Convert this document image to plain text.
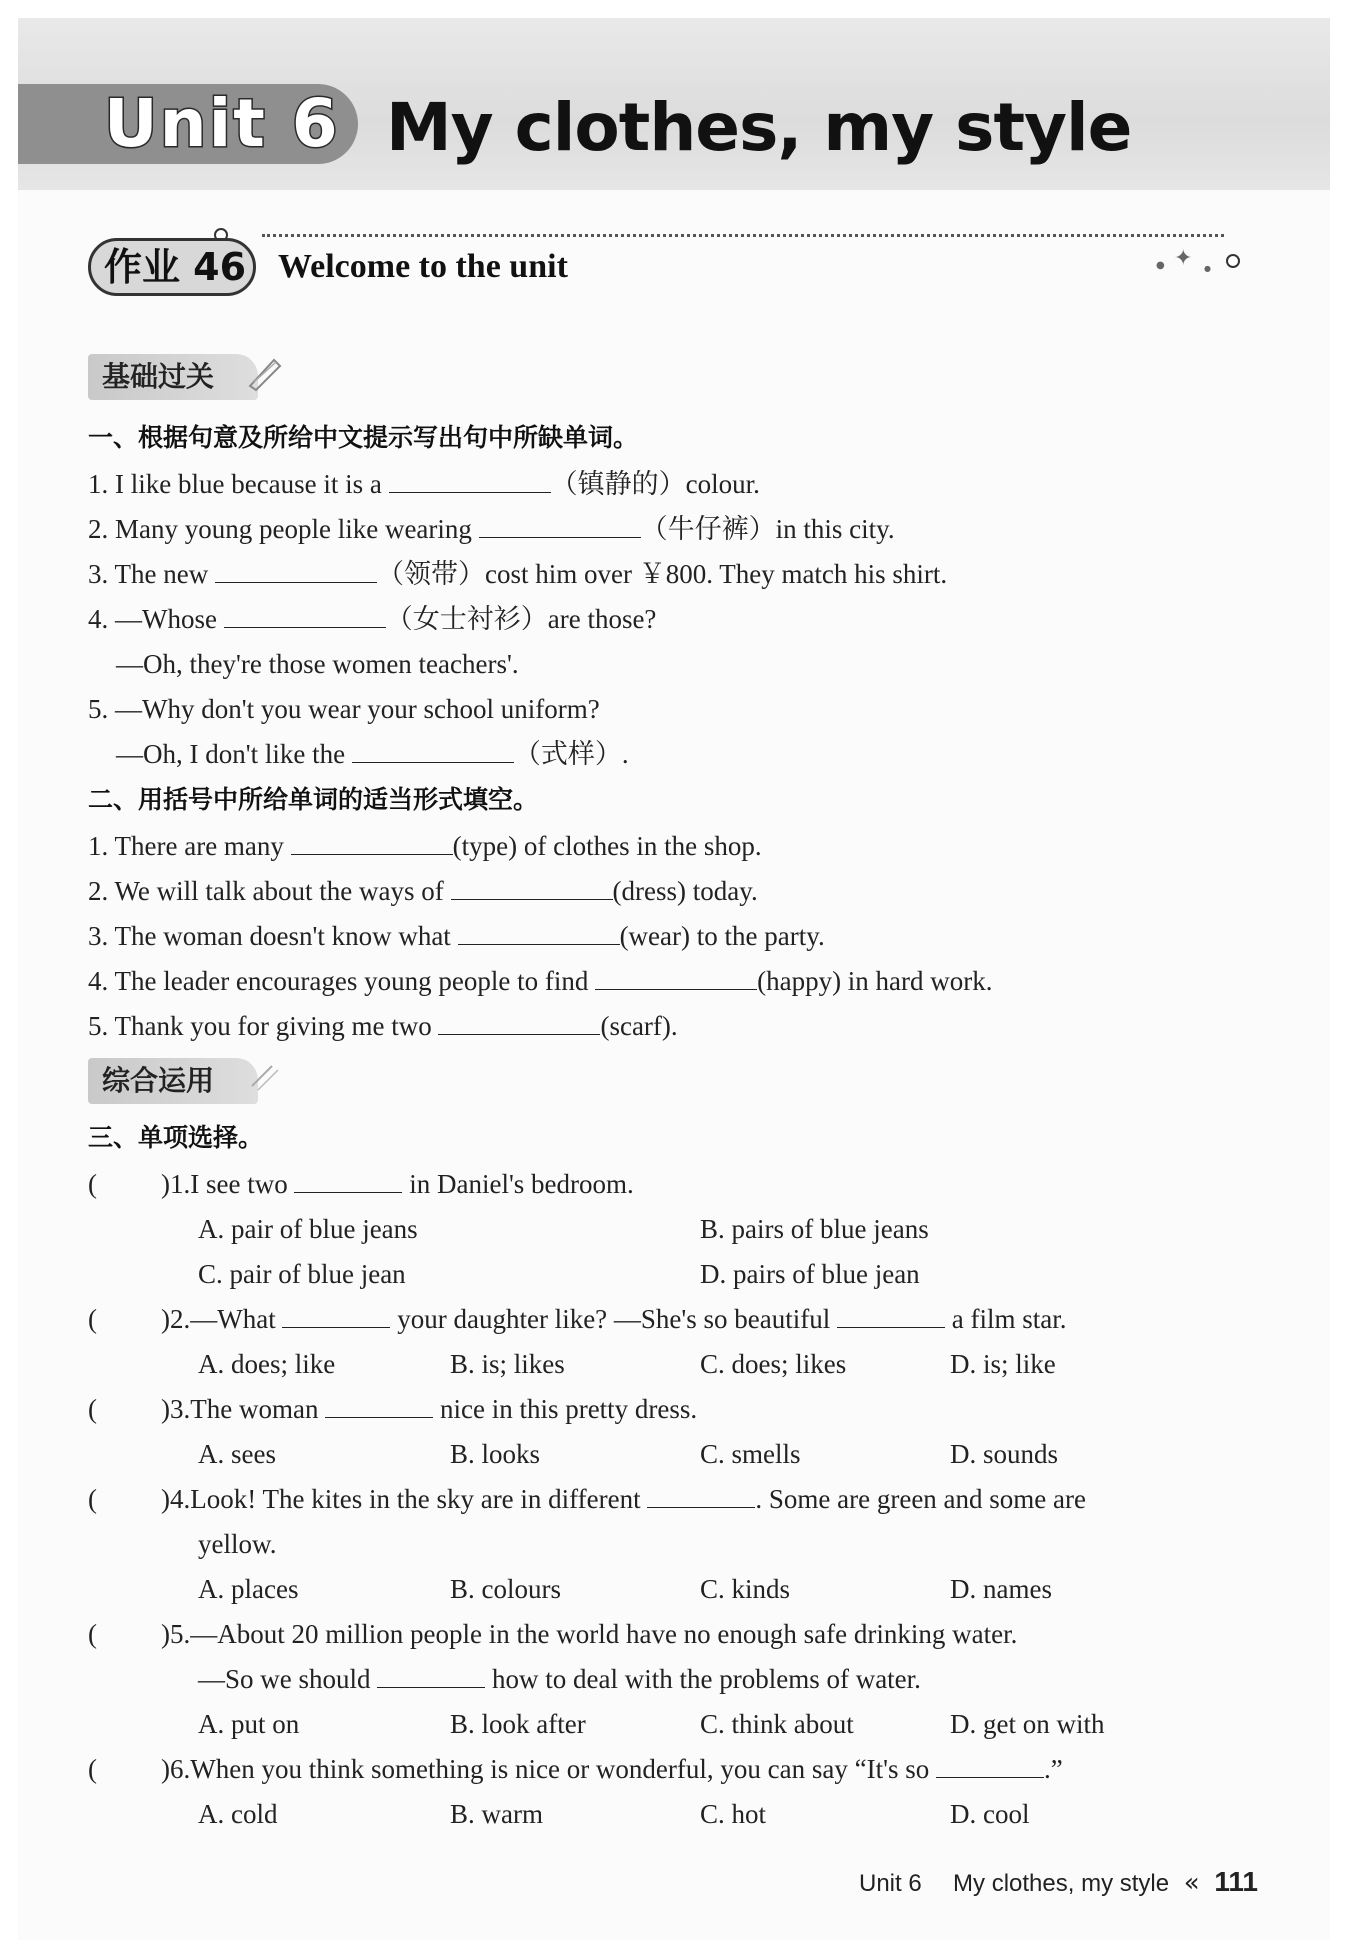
Unit 6 My clothes, my style
作业 46 Welcome to the unit	✦
●	●
基础过关
一、根据句意及所给中文提示写出句中所缺单词。
1. I like blue because it is a	（镇静的）colour.
2. Many young people like wearing	（牛仔裤）in this city.
3. The new	（领带）cost him over ￥800. They match his shirt.
4. —Whose	（女士衬衫）are those?
—Oh, they're those women teachers'.
5. —Why don't you wear your school uniform?
—Oh, I don't like the	（式样）.
二、用括号中所给单词的适当形式填空。
1. There are many	(type) of clothes in the shop.
2. We will talk about the ways of	(dress) today.
3. The woman doesn't know what	(wear) to the party.
4. The leader encourages young people to find	(happy) in hard work.
5. Thank you for giving me two	(scarf).
综合运用
三、单项选择。
( )1.I see two	in Daniel's bedroom.
A. pair of blue jeans	B. pairs of blue jeans
C. pair of blue jean	D. pairs of blue jean
( )2.—What	your daughter like? —She's so beautiful	a film star.
A. does; like	B. is; likes	C. does; likes	D. is; like
( )3.The woman	nice in this pretty dress.
A. sees	B. looks	C. smells	D. sounds
( )4.Look! The kites in the sky are in different	. Some are green and some are
yellow.
A. places	B. colours	C. kinds	D. names
( )5.—About 20 million people in the world have no enough safe drinking water.
—So we should	how to deal with the problems of water.
A. put on	B. look after	C. think about	D. get on with
( )6.When you think something is nice or wonderful, you can say “It's so	.”
A. cold	B. warm	C. hot	D. cool
Unit 6 My clothes, my style « 111
